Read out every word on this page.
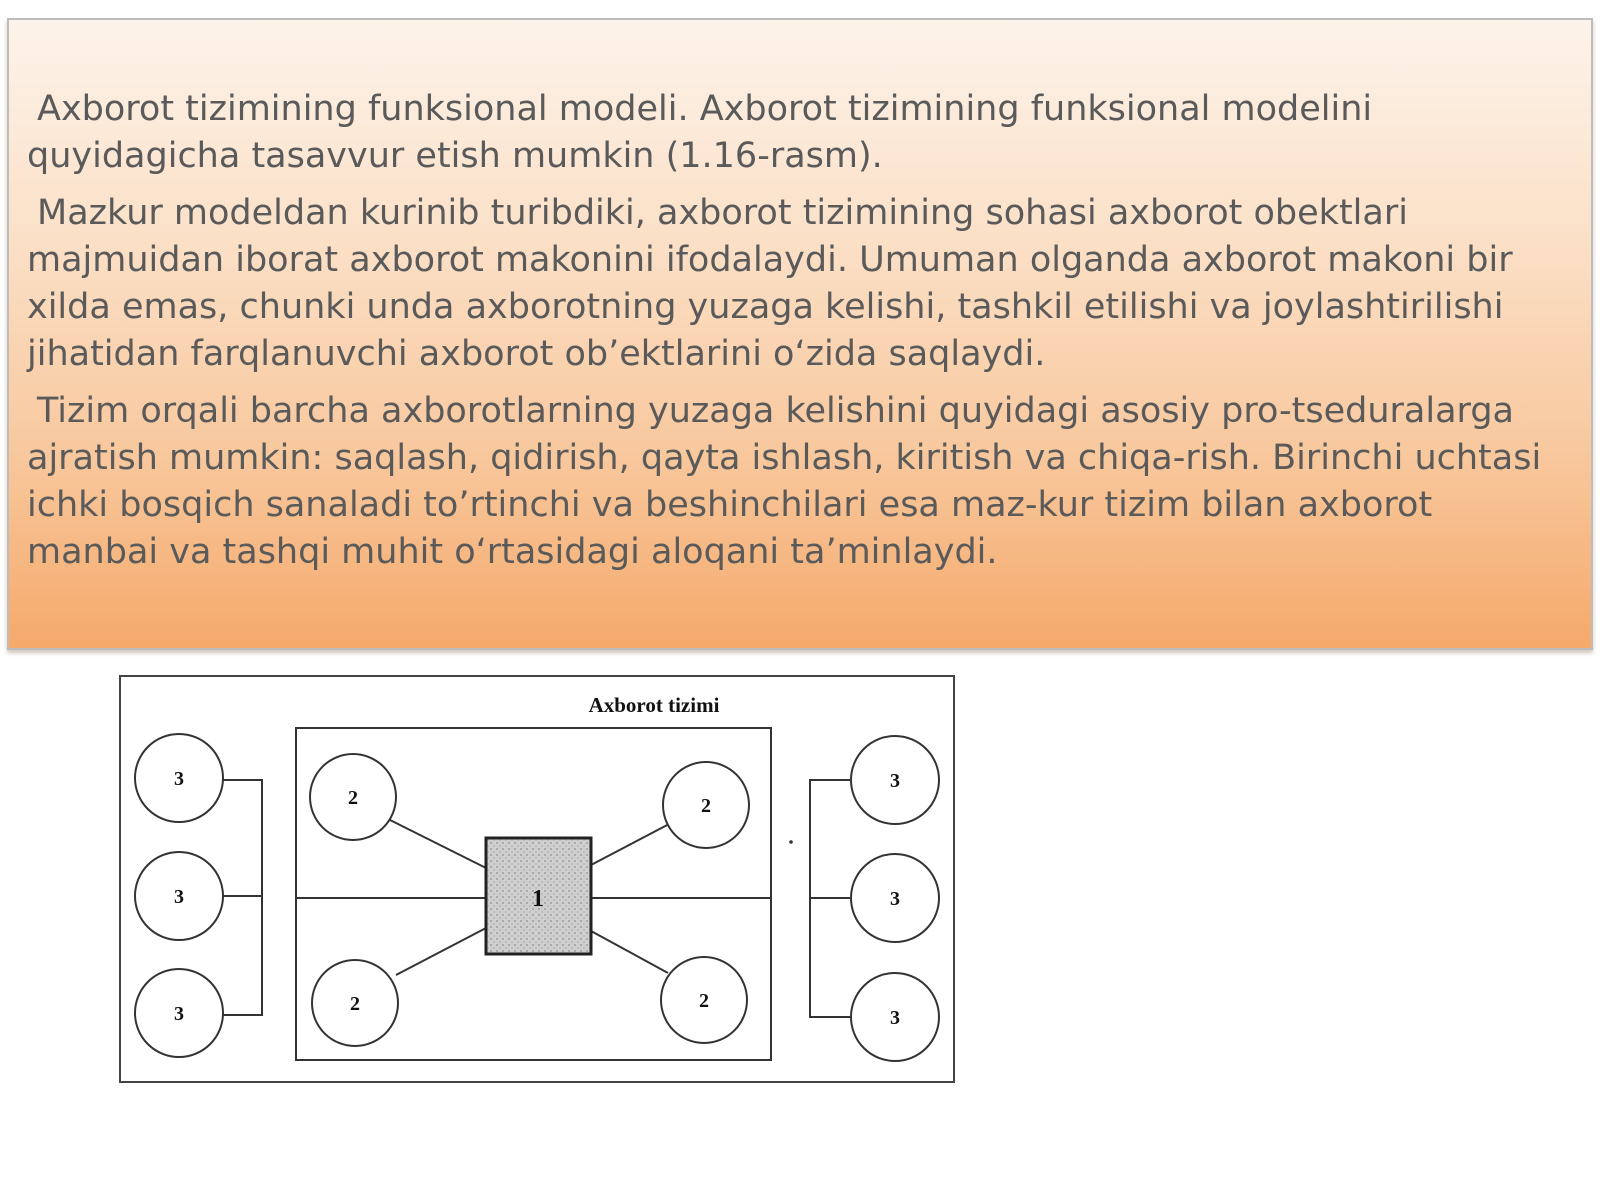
Axborot tizimining funksional modeli. Axborot tizimining funksional modelini quyidagicha tasavvur etish mumkin (1.16-rasm).

Mazkur modeldan kurinib turibdiki, axborot tizimining sohasi axborot obektlari majmuidan iborat axborot makonini ifodalaydi. Umuman olganda axborot makoni bir xilda emas, chunki unda axborotning yuzaga kelishi, tashkil etilishi va joylashtirilishi jihatidan farqlanuvchi axborot ob’ektlarini o‘zida saqlaydi.

Tizim orqali barcha axborotlarning yuzaga kelishini quyidagi asosiy pro-tseduralarga ajratish mumkin: saqlash, qidirish, qayta ishlash, kiritish va chiqa-rish. Birinchi uchtasi ichki bosqich sanaladi to’rtinchi va beshinchilari esa maz-kur tizim bilan axborot manbai va tashqi muhit o‘rtasidagi aloqani ta’minlaydi.

Axborot tizimi
1
2	2
2	2
3
3
3
3
3
3
